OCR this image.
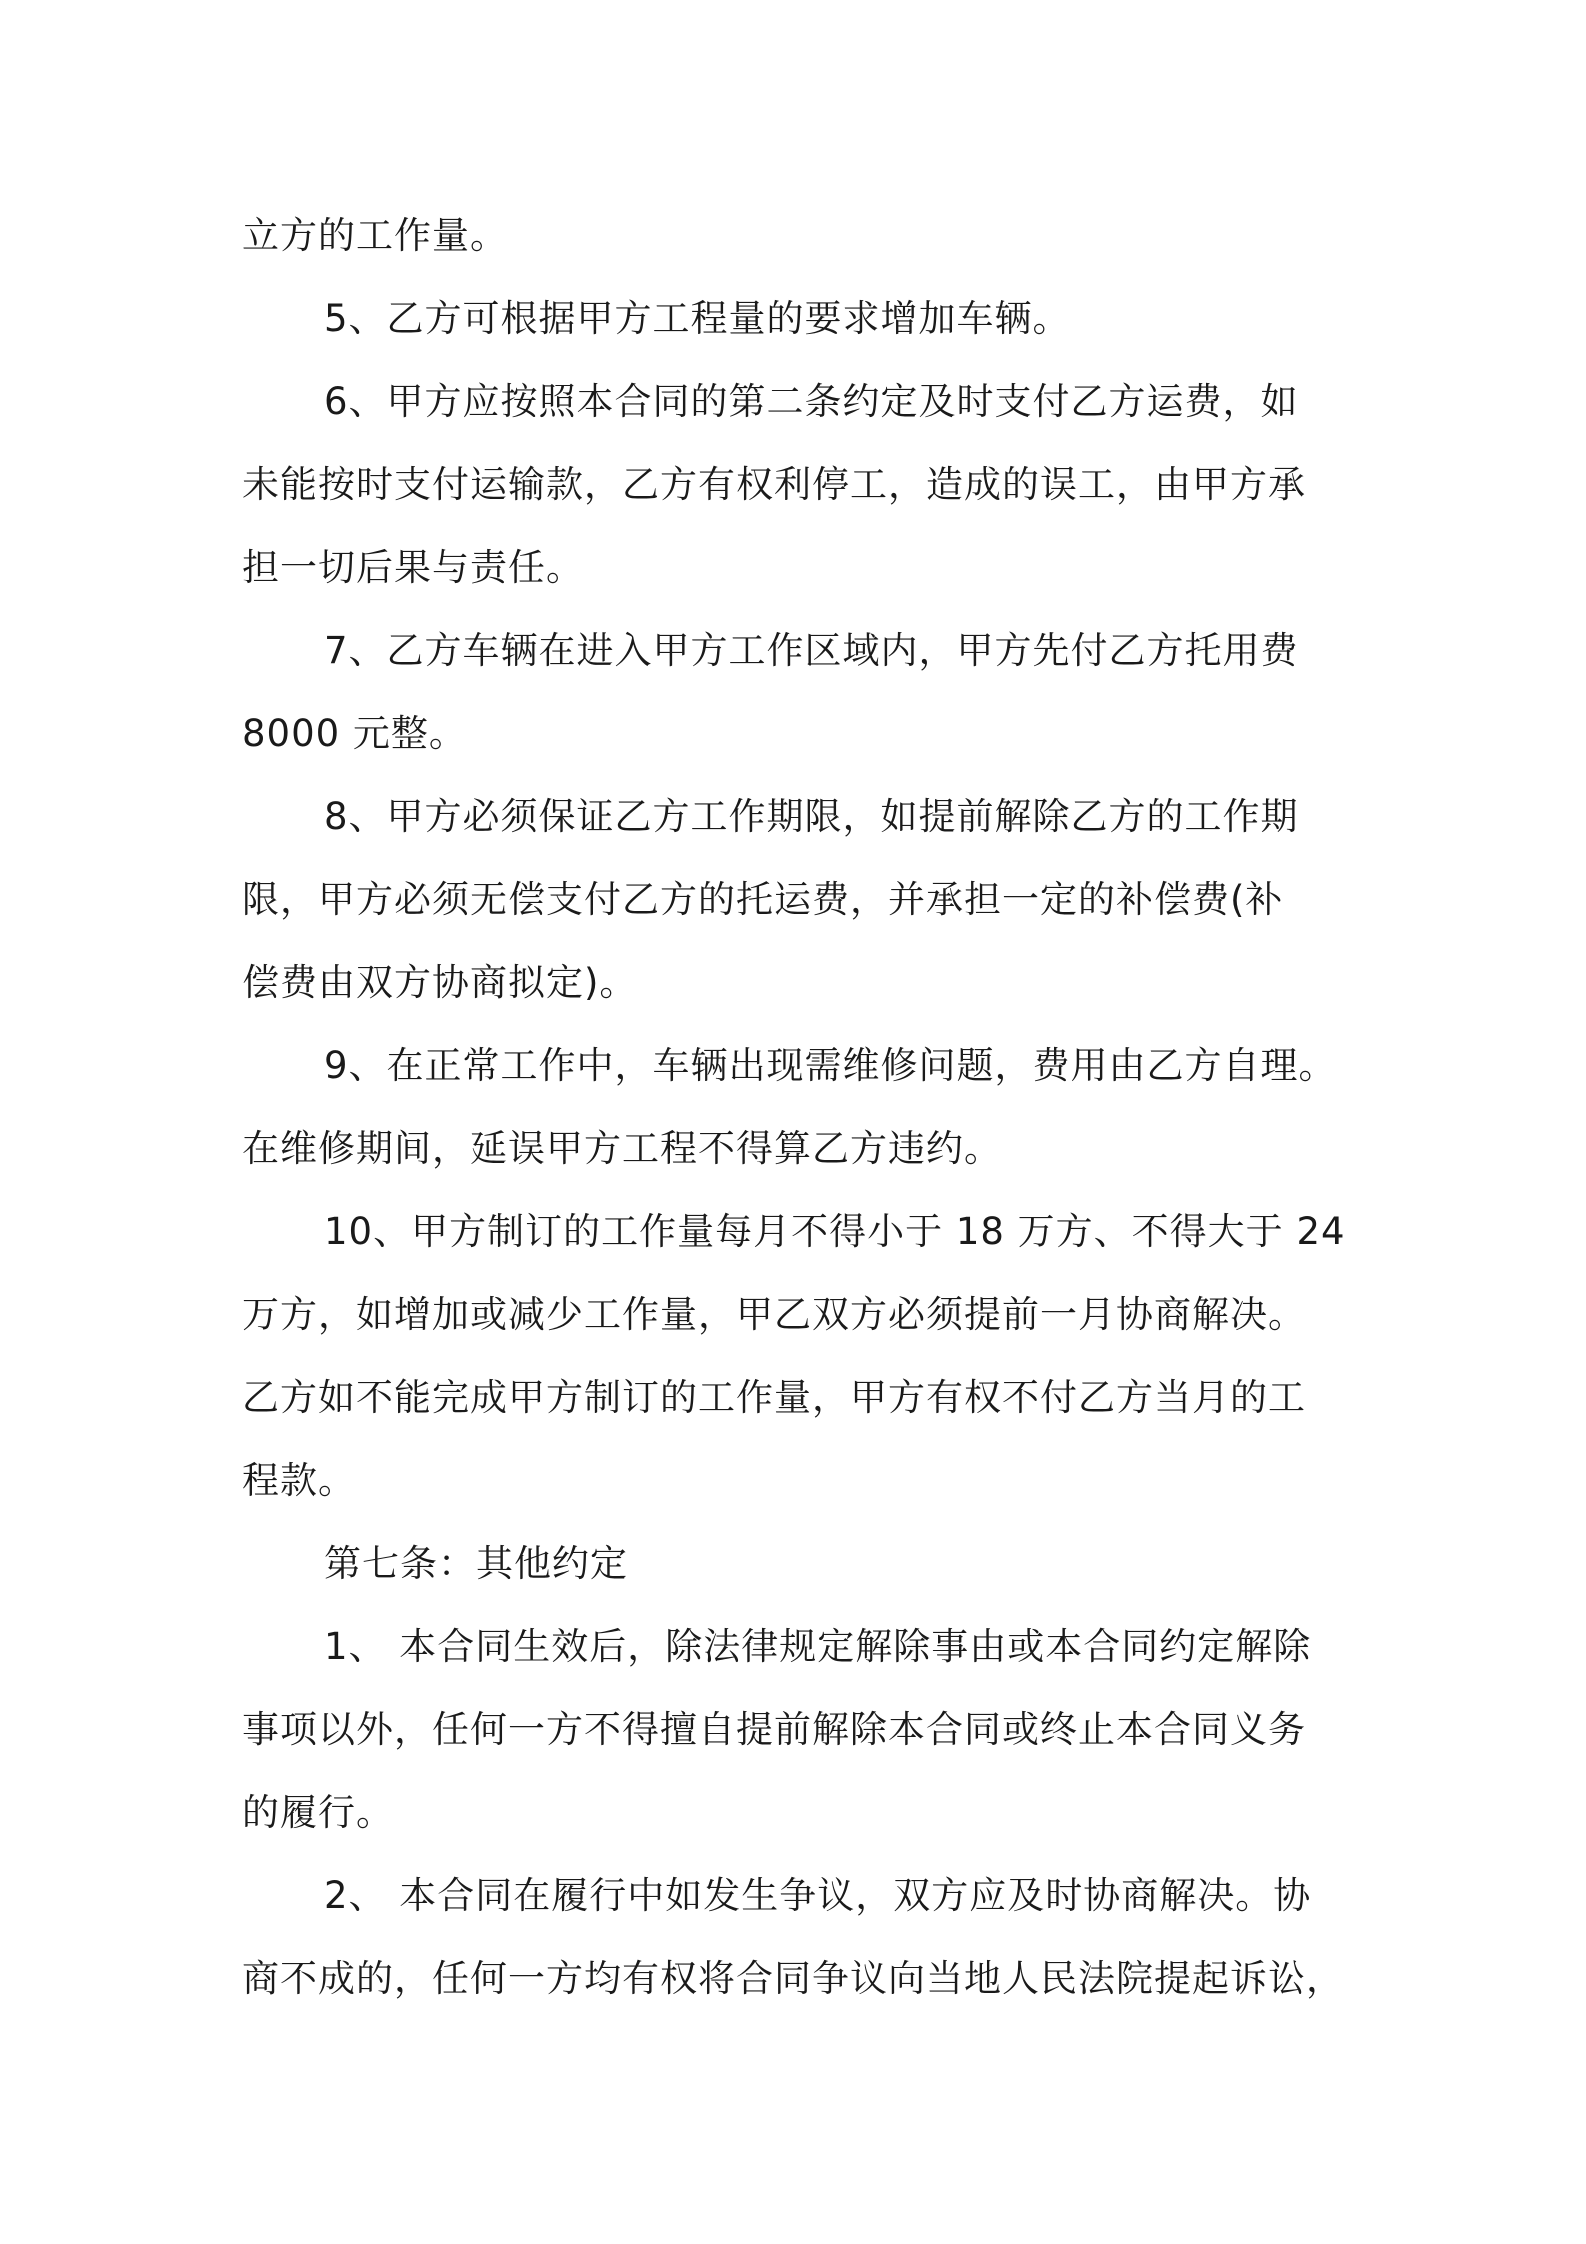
立方的工作量。
5、乙方可根据甲方工程量的要求增加车辆。
6、甲方应按照本合同的第二条约定及时支付乙方运费，如
未能按时支付运输款，乙方有权利停工，造成的误工，由甲方承
担一切后果与责任。
7、乙方车辆在进入甲方工作区域内，甲方先付乙方托用费
8000 元整。
8、甲方必须保证乙方工作期限，如提前解除乙方的工作期
限，甲方必须无偿支付乙方的托运费，并承担一定的补偿费(补
偿费由双方协商拟定)。
9、在正常工作中，车辆出现需维修问题，费用由乙方自理。
在维修期间，延误甲方工程不得算乙方违约。
10、甲方制订的工作量每月不得小于 18 万方、不得大于 24
万方，如增加或减少工作量，甲乙双方必须提前一月协商解决。
乙方如不能完成甲方制订的工作量，甲方有权不付乙方当月的工
程款。
第七条：其他约定
1、 本合同生效后，除法律规定解除事由或本合同约定解除
事项以外，任何一方不得擅自提前解除本合同或终止本合同义务
的履行。
2、 本合同在履行中如发生争议，双方应及时协商解决。协
商不成的，任何一方均有权将合同争议向当地人民法院提起诉讼，
